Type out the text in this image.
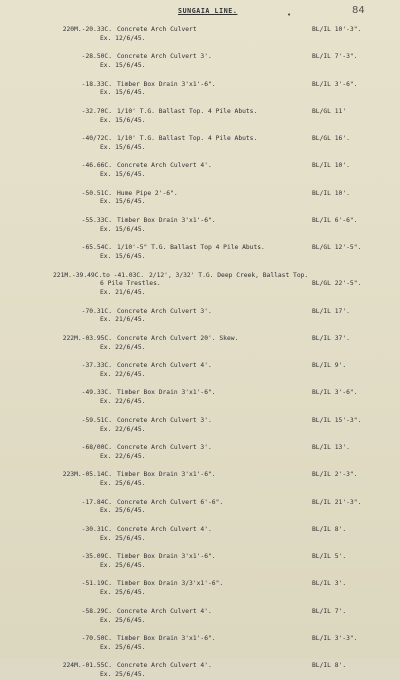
SUNGAIA LINE.	•	84
220M.-20.33C. Concrete Arch Culvert
Ex. 12/6/45.
BL/IL 10'-3".
-28.50C. Concrete Arch Culvert 3'.
Ex. 15/6/45.
BL/IL 7'-3".
-18.33C. Timber Box Drain 3'x1'-6".
Ex. 15/6/45.
BL/IL 3'-6".
-32.70C. 1/10' T.G. Ballast Top. 4 Pile Abuts.
Ex. 15/6/45.
BL/GL 11'
-40/72C. 1/10' T.G. Ballast Top. 4 Pile Abuts.
Ex. 15/6/45.
BL/GL 16'.
-46.66C. Concrete Arch Culvert 4'.
Ex. 15/6/45.
BL/IL 10'.
-50.51C. Hume Pipe 2'-6".
Ex. 15/6/45.
BL/IL 10'.
-55.33C. Timber Box Drain 3'x1'-6".
Ex. 15/6/45.
BL/IL 6'-6".
-65.54C. 1/10'-5" T.G. Ballast Top 4 Pile Abuts.
Ex. 15/6/45.
BL/GL 12'-5".
221M.-39.49C.to -41.03C. 2/12', 3/32' T.G. Deep Creek, Ballast Top.
6 Pile Trestles.
Ex. 21/6/45.
BL/GL 22'-5".
-70.31C. Concrete Arch Culvert 3'.
Ex. 21/6/45.
BL/IL 17'.
222M.-03.95C. Concrete Arch Culvert 20'. Skew.
Ex. 22/6/45.
BL/IL 37'.
-37.33C. Concrete Arch Culvert 4'.
Ex. 22/6/45.
BL/IL 9'.
-49.33C. Timber Box Drain 3'x1'-6".
Ex. 22/6/45.
BL/IL 3'-6".
-59.51C. Concrete Arch Culvert 3'.
Ex. 22/6/45.
BL/IL 15'-3".
-68/00C. Concrete Arch Culvert 3'.
Ex. 22/6/45.
BL/IL 13'.
223M.-05.14C. Timber Box Drain 3'x1'-6".
Ex. 25/6/45.
BL/IL 2'-3".
-17.84C. Concrete Arch Culvert 6'-6".
Ex. 25/6/45.
BL/IL 21'-3".
-30.31C. Concrete Arch Culvert 4'.
Ex. 25/6/45.
BL/IL 8'.
-35.09C. Timber Box Drain 3'x1'-6".
Ex. 25/6/45.
BL/IL 5'.
-51.19C. Timber Box Drain 3/3'x1'-6".
Ex. 25/6/45.
BL/IL 3'.
-58.29C. Concrete Arch Culvert 4'.
Ex. 25/6/45.
BL/IL 7'.
-70.50C. Timber Box Drain 3'x1'-6".
Ex. 25/6/45.
BL/IL 3'-3".
224M.-01.55C. Concrete Arch Culvert 4'.
Ex. 25/6/45.
BL/IL 8'.
